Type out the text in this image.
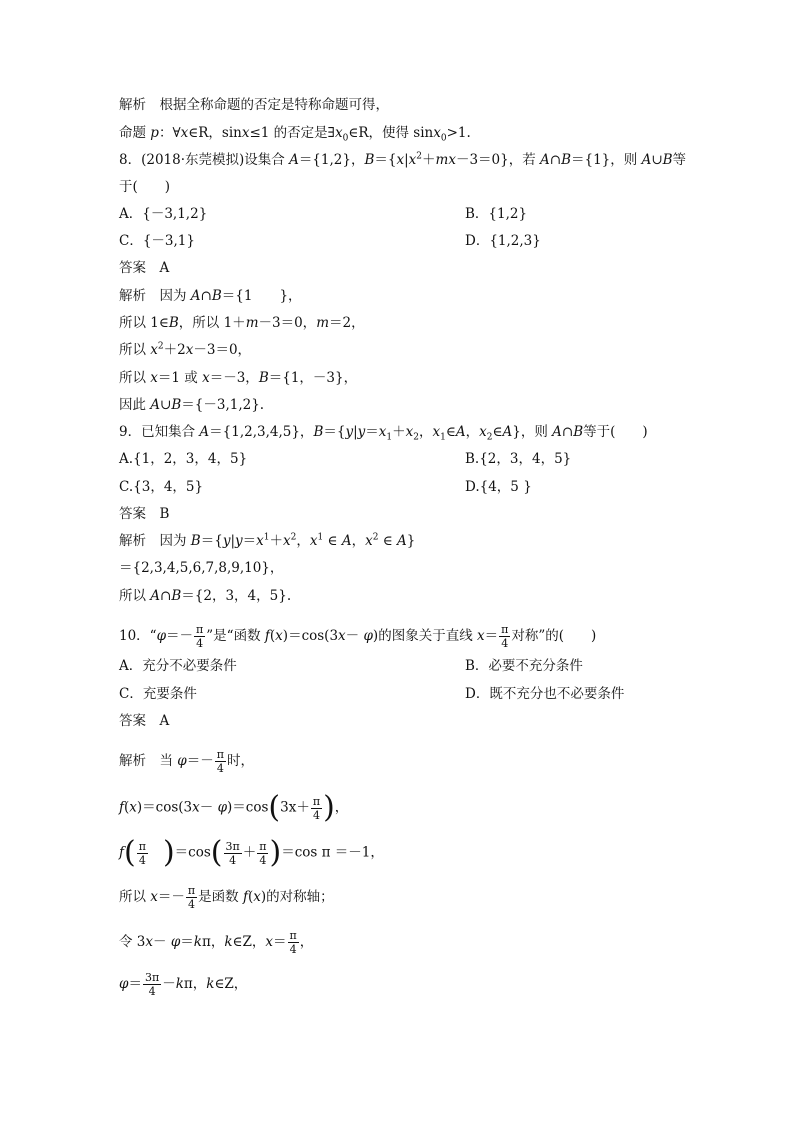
解析　根据全称命题的否定是特称命题可得，
命题 p：∀x∈R，sinx≤1 的否定是$\exists x_0\in R$，使得 sinx$_0$>1.
8．(2018·东莞模拟)设集合 A＝{1,2}，$B=\{x|x^2+mx-3=0\}$，若 A∩B＝{1}，则 A∪B等
于(　　)
A．{－3,1,2}	B．{1,2}
C．{－3,1}	D．{1,2,3}
答案　A
解析　因为 A∩B＝{1　　}，
所以 1∈B，所以 1＋m－3＝0，m＝2，
所以 $x^2+2x-3=0$，
所以 x＝1 或 x＝－3，B＝{1，－3}，
因此 A∪B＝{－3,1,2}.
9．已知集合 A＝{1,2,3,4,5}，$B=\{y|y=x_1+x_2$，$x_1\in A$，$x_2\in A$}，则 A∩B等于(　　)
A.{1，2，3，4，5}	B.{2，3，4，5}
C.{3，4，5}	D.{4，5 }
答案　B
解析　因为 $B=\{y|y=x^1+x^2$，$x^1$ ∈ A，$x^2$ ∈ A}
＝{2,3,4,5,6,7,8,9,10}，
所以 A∩B＝{2，3，4，5}.
10．“$\varphi=- \frac{\pi}{4}$ ”是“函数 f(x)＝cos(3x－ φ)的图象关于直线 $x= \frac{\pi}{4}$ 对称”的(　　)
A．充分不必要条件	B．必要不充分条件
C．充要条件	D．既不充分也不必要条件
答案　A
解析　当 $\varphi=- \frac{\pi}{4}$ 时，
$f(x)=\cos(3x- \varphi)=\cos(3x+ \frac{\pi}{4}$ )，
$f( \frac{\pi}{4} )=\cos( \frac{3\pi}{4} + \frac{\pi}{4} )=\cos$ π ＝－1，
所以 $x=- \frac{\pi}{4}$ 是函数 f(x)的对称轴；
令 3x－ φ＝kπ，k∈Z，$x= \frac{\pi}{4}$ ，
$\varphi= \frac{3\pi}{4} -k\pi$，k∈Z，
